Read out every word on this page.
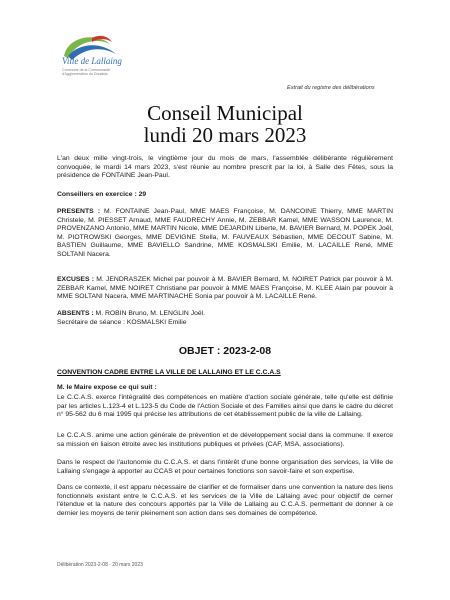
Ville de Lallaing
Commune de la Communauté d'Agglomération du Douaisis
Extrait du registre des délibérations
Conseil Municipal
lundi 20 mars 2023
L'an deux mille vingt-trois, le vingtième jour du mois de mars, l'assemblée délibérante régulièrement convoquée, le mardi 14 mars 2023, s'est réunie au nombre prescrit par la loi, à Salle des Fêtes, sous la présidence de FONTAINE Jean-Paul.
Conseillers en exercice : 29
PRESENTS : M. FONTAINE Jean-Paul, MME MAES Françoise, M. DANCOINE Thierry, MME MARTIN Christele, M. PIESSET Arnaud, MME FAUDRECHY Annie, M. ZEBBAR Kamel, MME WASSON Laurence, M. PROVENZANO Antonio, MME MARTIN Nicole, MME DEJARDIN Liberte, M. BAVIER Bernard, M. POPEK Joël, M. PIOTROWSKI Georges, MME DEVIGNE Stella, M. FAUVEAUX Sébastien, MME DECOUT Sabine, M. BASTIEN Guillaume, MME BAVIELLO Sandrine, MME KOSMALSKI Emilie, M. LACAILLE René, MME SOLTANI Nacera.
EXCUSES : M. JENDRASZEK Michel par pouvoir à M. BAVIER Bernard, M. NOIRET Patrick par pouvoir à M. ZEBBAR Kamel, MME NOIRET Christiane par pouvoir à MME MAES Françoise, M. KLEE Alain par pouvoir à MME SOLTANI Nacera, MME MARTINACHE Sonia par pouvoir à M. LACAILLE René.
ABSENTS : M. ROBIN Bruno, M. LENGLIN Joël.
Secrétaire de séance : KOSMALSKI Emilie
OBJET : 2023-2-08
CONVENTION CADRE ENTRE LA VILLE DE LALLAING ET LE C.C.A.S
M. le Maire expose ce qui suit :
Le C.C.A.S. exerce l'intégralité des compétences en matière d'action sociale générale, telle qu'elle est définie par les articles L.123-4 et L.123-5 du Code de l'Action Sociale et des Familles ainsi que dans le cadre du décret n° 95-562 du 6 mai 1995 qui précise les attributions de cet établissement public de la ville de Lallaing.
Le C.C.A.S. anime une action générale de prévention et de développement social dans la commune. Il exerce sa mission en liaison étroite avec les institutions publiques et privées (CAF, MSA, associations).
Dans le respect de l'autonomie du C.C.A.S. et dans l'intérêt d'une bonne organisation des services, la Ville de Lallaing s'engage à apporter au CCAS et pour certaines fonctions son savoir-faire et son expertise.
Dans ce contexte, il est apparu nécessaire de clarifier et de formaliser dans une convention la nature des liens fonctionnels existant entre le C.C.A.S. et les services de la Ville de Lallaing avec pour objectif de cerner l'étendue et la nature des concours apportés par la Ville de Lallaing au C.C.A.S. permettant de donner à ce dernier les moyens de tenir pleinement son action dans ses domaines de compétence.
Délibération 2023-2-08 · 20 mars 2023
